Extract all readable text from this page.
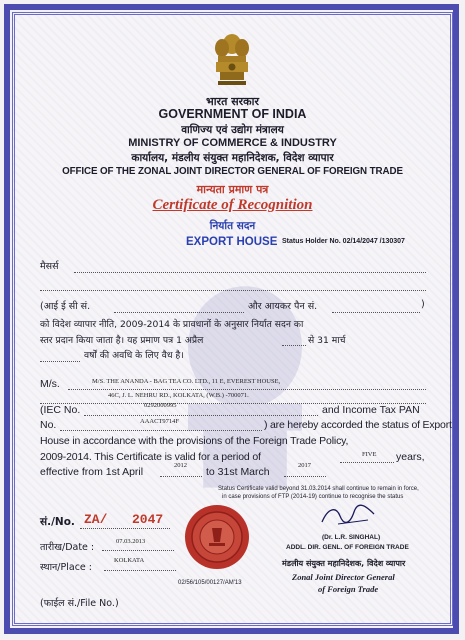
भारत सरकार
GOVERNMENT OF INDIA
वाणिज्य एवं उद्योग मंत्रालय
MINISTRY OF COMMERCE & INDUSTRY
कार्यालय, मंडलीय संयुक्त महानिदेशक, विदेश व्यापार
OFFICE OF THE ZONAL JOINT DIRECTOR GENERAL OF FOREIGN TRADE
मान्यता प्रमाण पत्र
Certificate of Recognition
निर्यात सदन
EXPORT HOUSE Status Holder No. 02/14/2047 /130307
मैसर्स
(आई ई सी सं.	और आयकर पैन सं.	)
को विदेश व्यापार नीति, 2009-2014 के प्रावधानों के अनुसार निर्यात सदन का
स्तर प्रदान किया जाता है। यह प्रमाण पत्र 1 अप्रैल	से 31 मार्च
वर्षों की अवधि के लिए वैध है।
M/s.	M/S. THE ANANDA - BAG TEA CO. LTD., 11 E, EVEREST HOUSE,
46C, J. L. NEHRU RD., KOLKATA, (W.B.) -700071.
(IEC No.	0292000995	and Income Tax PAN
No.	AAACT9714F	) are hereby accorded the status of Export
House in accordance with the provisions of the Foreign Trade Policy,
2009-2014. This Certificate is valid for a period of	FIVE years,
effective from 1st April
2012
to 31st March
2017
Status Certificate valid beyond 31.03.2014 shall continue to remain in force,
in case provisions of FTP (2014-19) continue to recognise the status
(Dr. L.R. SINGHAL)
ADDL. DIR. GENL. OF FOREIGN TRADE
मंडलीय संयुक्त महानिदेशक, विदेश व्यापार
Zonal Joint Director General
of Foreign Trade
सं./No. ZA/ 2047
तारीख/Date :
07.03.2013
स्थान/Place :
KOLKATA
(फाईल सं./File No.)
02/56/105/00127/AM'13
